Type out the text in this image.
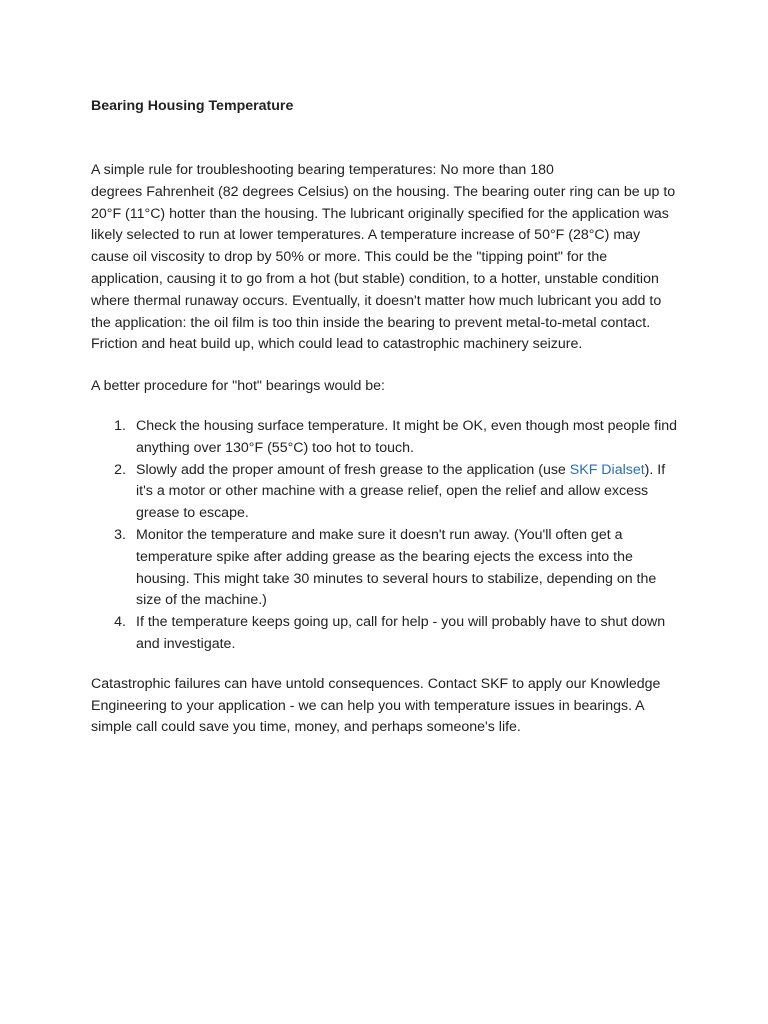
Bearing Housing Temperature

A simple rule for troubleshooting bearing temperatures: No more than 180
degrees Fahrenheit (82 degrees Celsius) on the housing. The bearing outer ring can be up to 20°F (11°C) hotter than the housing. The lubricant originally specified for the application was likely selected to run at lower temperatures. A temperature increase of 50°F (28°C) may cause oil viscosity to drop by 50% or more. This could be the "tipping point" for the application, causing it to go from a hot (but stable) condition, to a hotter, unstable condition where thermal runaway occurs. Eventually, it doesn't matter how much lubricant you add to the application: the oil film is too thin inside the bearing to prevent metal-to-metal contact. Friction and heat build up, which could lead to catastrophic machinery seizure.

A better procedure for "hot" bearings would be:

1. Check the housing surface temperature. It might be OK, even though most people find anything over 130°F (55°C) too hot to touch.
2. Slowly add the proper amount of fresh grease to the application (use SKF Dialset). If it's a motor or other machine with a grease relief, open the relief and allow excess grease to escape.
3. Monitor the temperature and make sure it doesn't run away. (You'll often get a temperature spike after adding grease as the bearing ejects the excess into the housing. This might take 30 minutes to several hours to stabilize, depending on the size of the machine.)
4. If the temperature keeps going up, call for help - you will probably have to shut down and investigate.

Catastrophic failures can have untold consequences. Contact SKF to apply our Knowledge Engineering to your application - we can help you with temperature issues in bearings. A simple call could save you time, money, and perhaps someone's life.
